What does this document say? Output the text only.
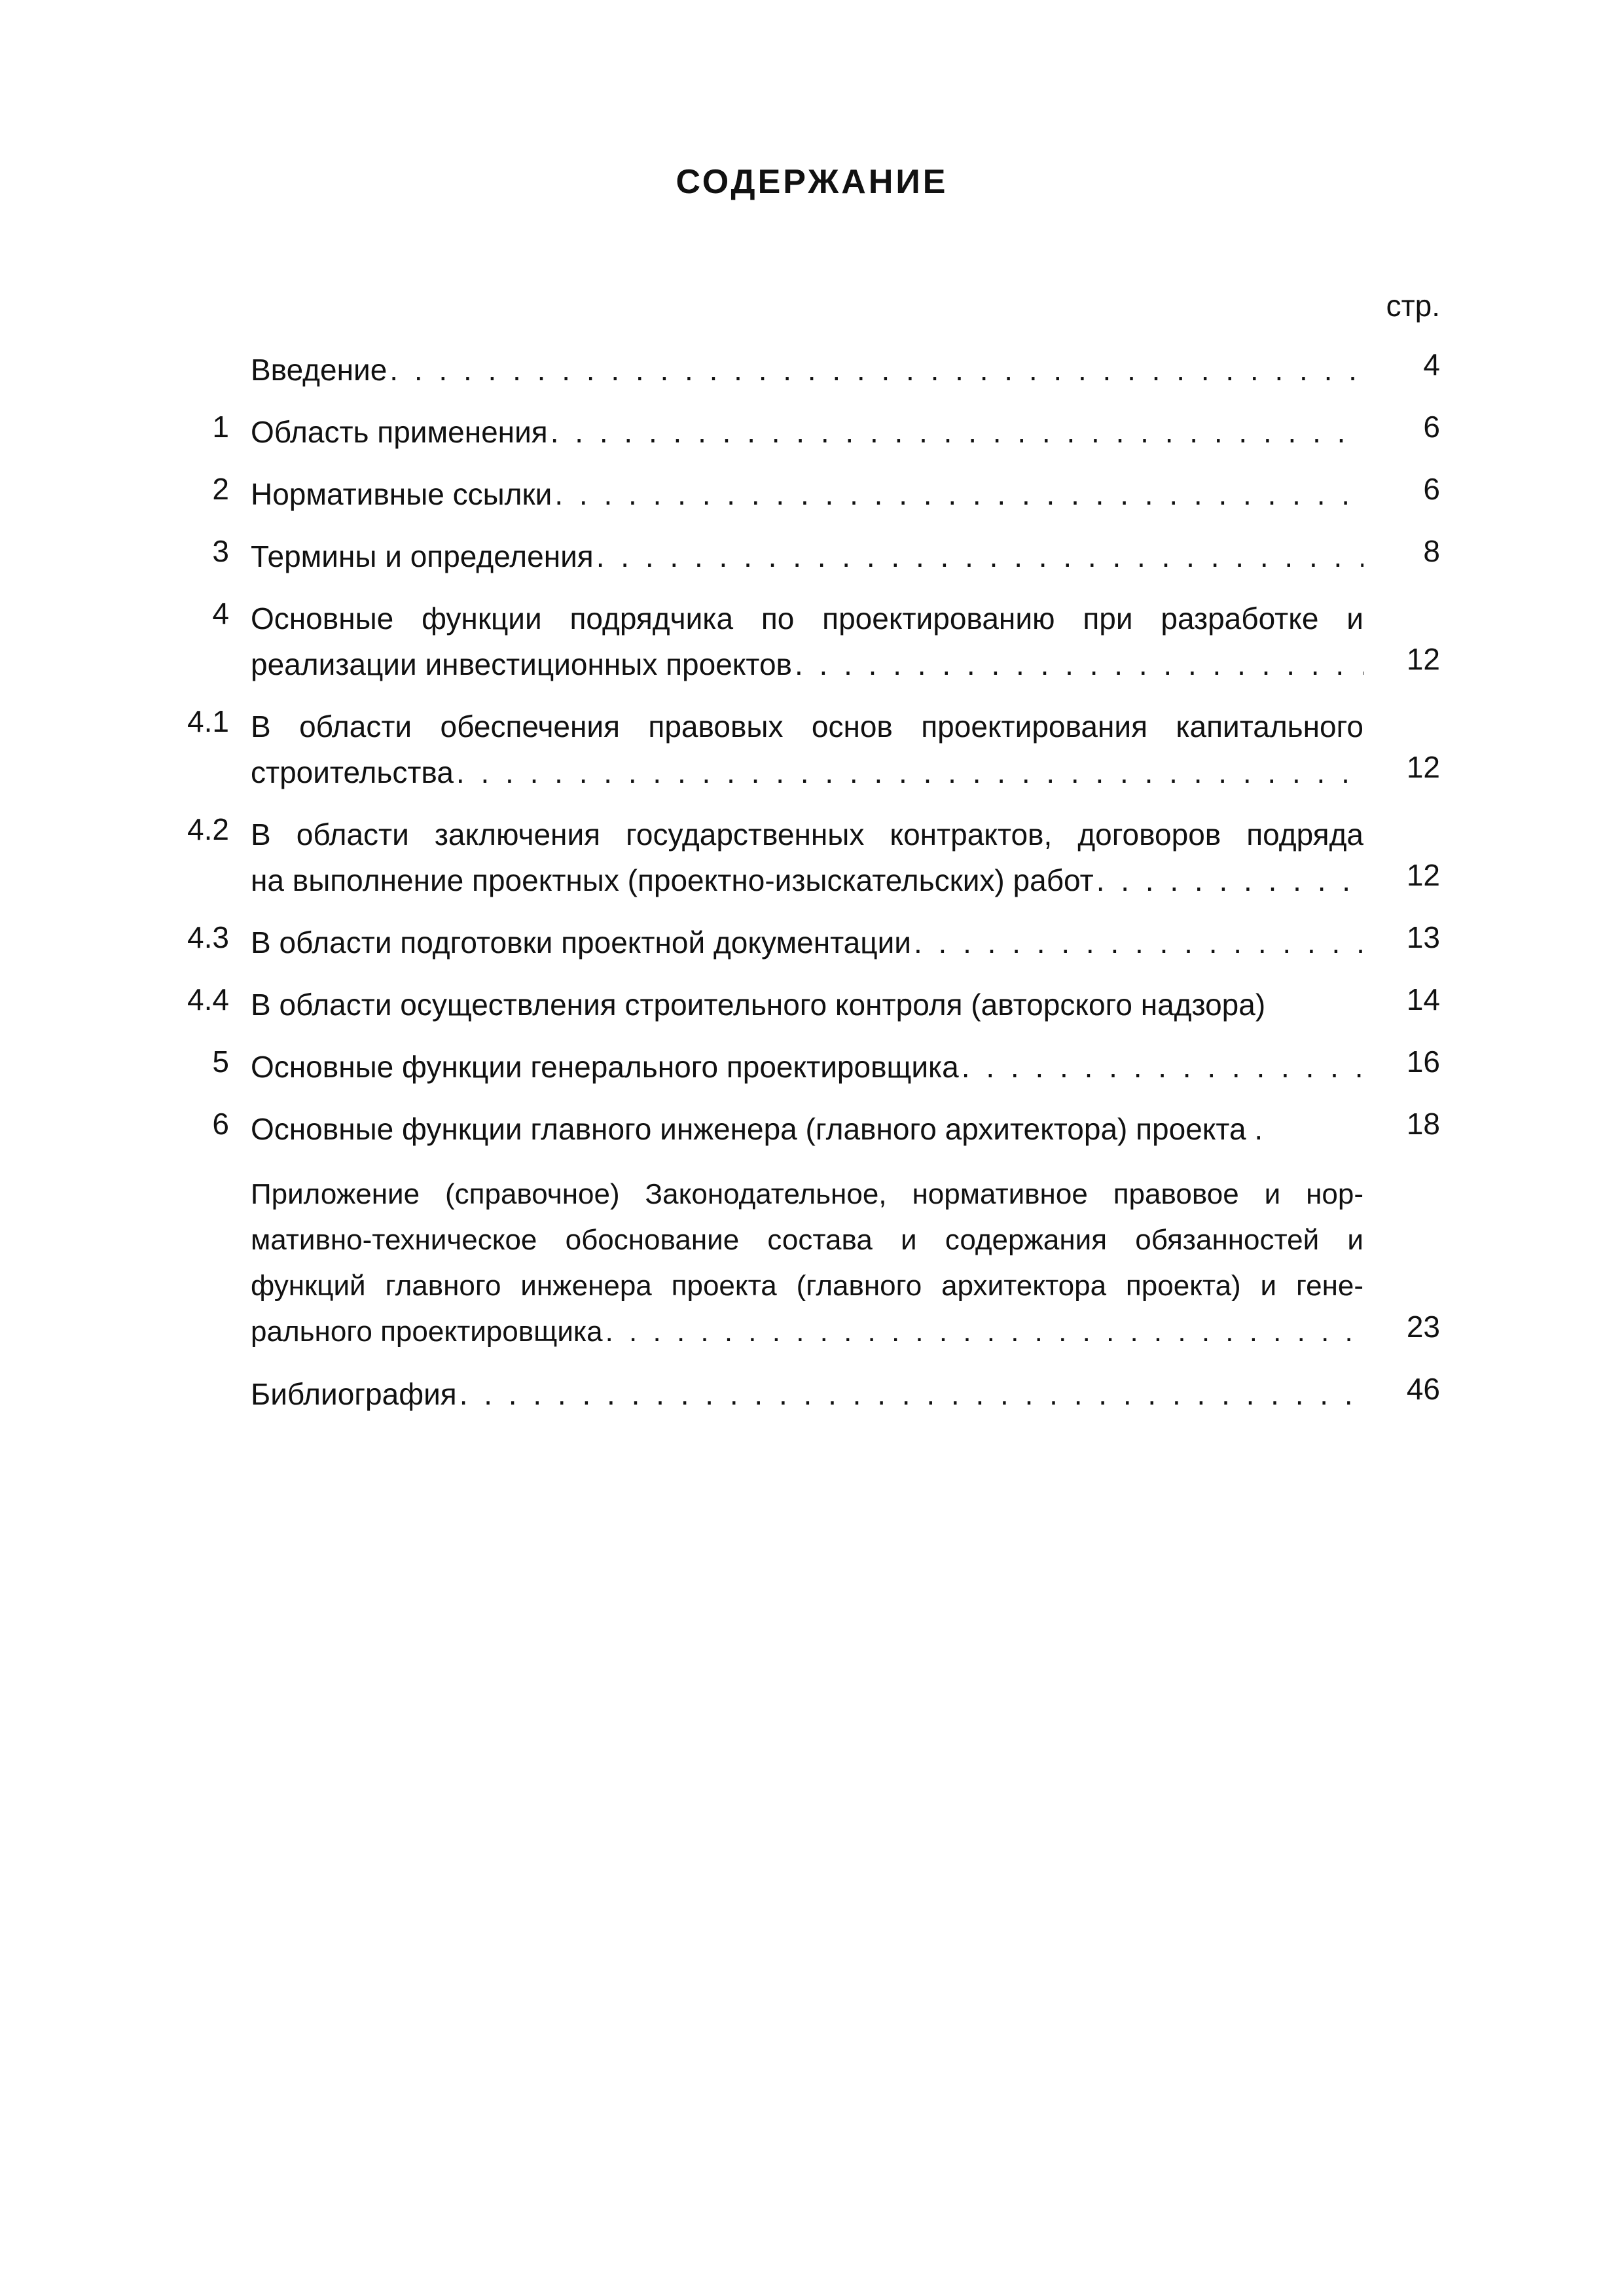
СОДЕРЖАНИЕ

стр.

Введение . . .	4
1 Область применения . . .	6
2 Нормативные ссылки . . .	6
3 Термины и определения . . .	8
4 Основные функции подрядчика по проектированию при разработке и
реализации инвестиционных проектов . . .	12
4.1 В области обеспечения правовых основ проектирования капитального
строительства . . .	12
4.2 В области заключения государственных контрактов, договоров подряда
на выполнение проектных (проектно-изыскательских) работ . . .	12
4.3 В области подготовки проектной документации . . .	13
4.4 В области осуществления строительного контроля (авторского надзора)	14
5 Основные функции генерального проектировщика . . .	16
6 Основные функции главного инженера (главного архитектора) проекта .	18
Приложение (справочное) Законодательное, нормативное правовое и нор-
мативно-техническое обоснование состава и содержания обязанностей и
функций главного инженера проекта (главного архитектора проекта) и гене-
рального проектировщика . . .	23
Библиография . . .	46
